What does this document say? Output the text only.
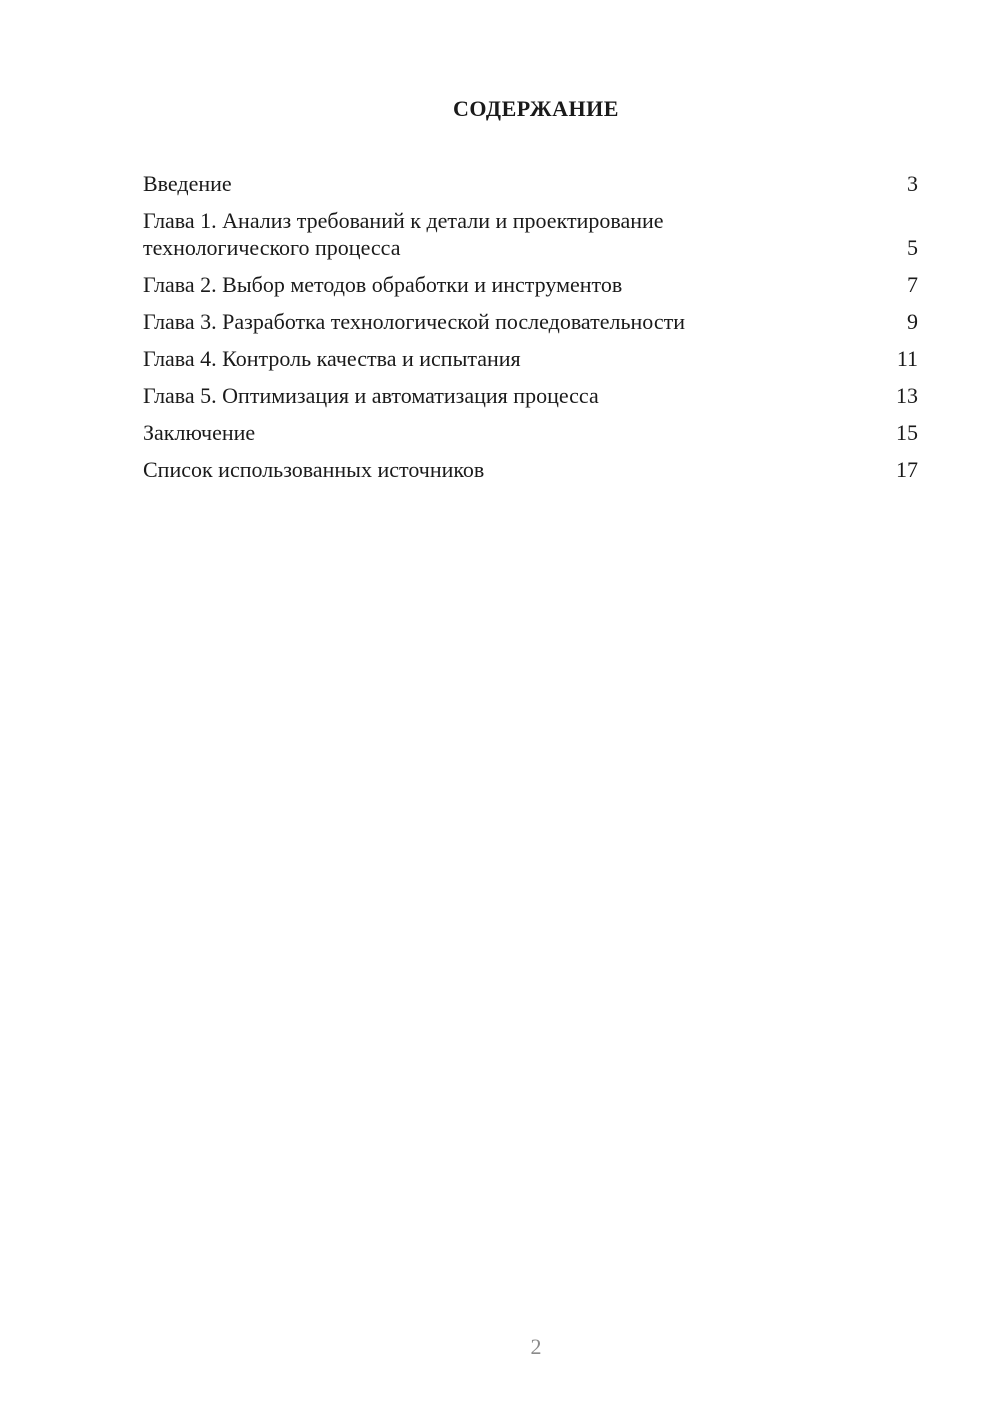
СОДЕРЖАНИЕ
Введение	3
Глава 1. Анализ требований к детали и проектирование технологического процесса	5
Глава 2. Выбор методов обработки и инструментов	7
Глава 3. Разработка технологической последовательности	9
Глава 4. Контроль качества и испытания	11
Глава 5. Оптимизация и автоматизация процесса	13
Заключение	15
Список использованных источников	17
2
